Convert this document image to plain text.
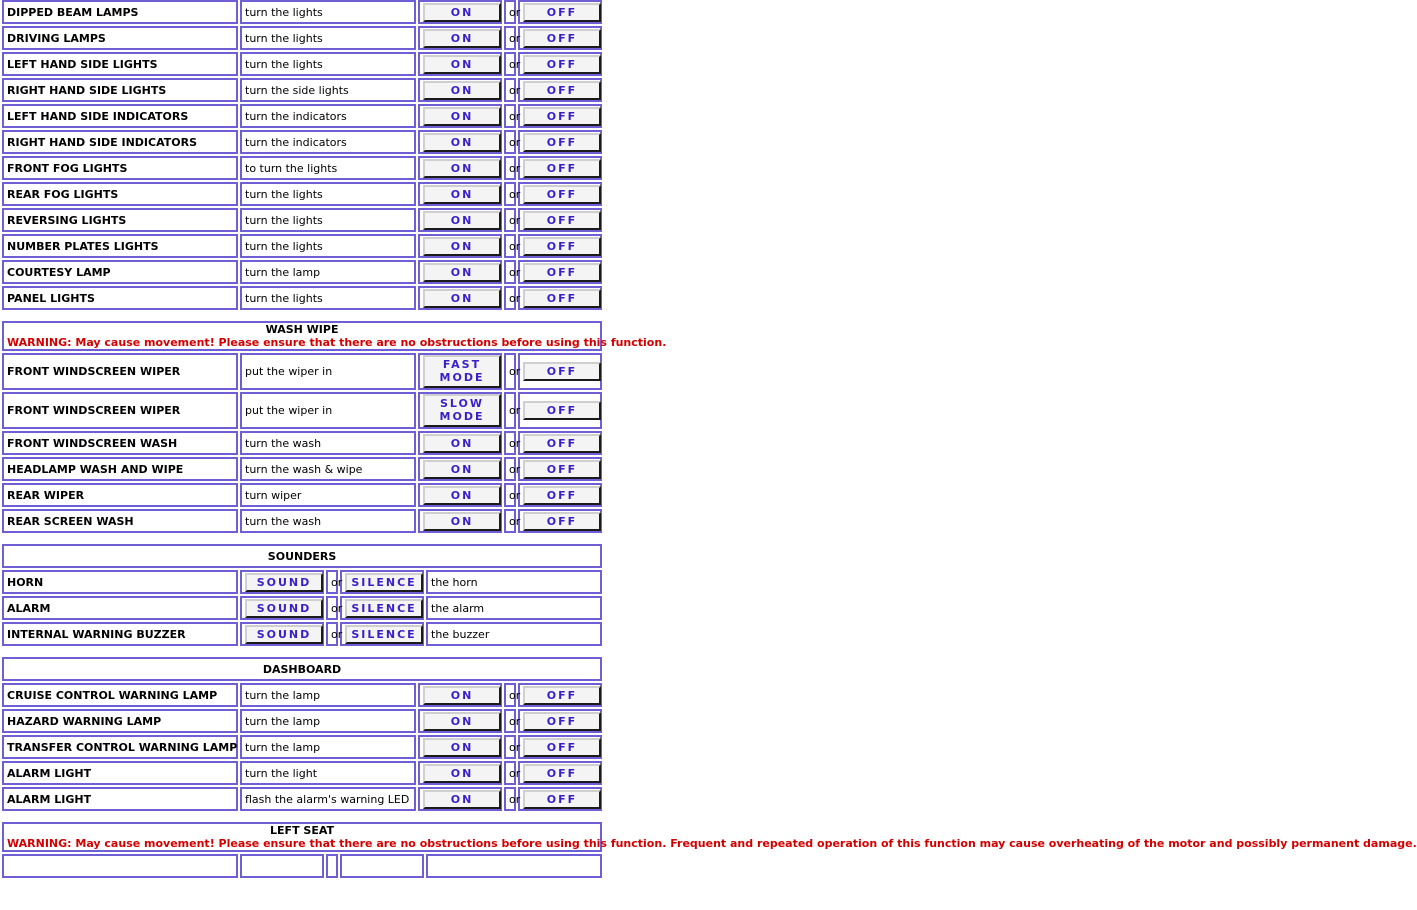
DIPPED BEAM LAMPS	turn the lights	ON	or	OFF
DRIVING LAMPS	turn the lights	ON	or	OFF
LEFT HAND SIDE LIGHTS	turn the lights	ON	or	OFF
RIGHT HAND SIDE LIGHTS	turn the side lights	ON	or	OFF
LEFT HAND SIDE INDICATORS	turn the indicators	ON	or	OFF
RIGHT HAND SIDE INDICATORS	turn the indicators	ON	or	OFF
FRONT FOG LIGHTS	to turn the lights	ON	or	OFF
REAR FOG LIGHTS	turn the lights	ON	or	OFF
REVERSING LIGHTS	turn the lights	ON	or	OFF
NUMBER PLATES LIGHTS	turn the lights	ON	or	OFF
COURTESY LAMP	turn the lamp	ON	or	OFF
PANEL LIGHTS	turn the lights	ON	or	OFF
WASH WIPE
WARNING: May cause movement! Please ensure that there are no obstructions before using this function.				

FRONT WINDSCREEN WIPER	put the wiper in	FAST MODE	or	OFF
FRONT WINDSCREEN WIPER	put the wiper in	SLOW MODE	or	OFF
FRONT WINDSCREEN WASH	turn the wash	ON	or	OFF
HEADLAMP WASH AND WIPE	turn the wash & wipe	ON	or	OFF
REAR WIPER	turn wiper	ON	or	OFF
REAR SCREEN WASH	turn the wash	ON	or	OFF
SOUNDERS				
HORN	SOUND	or	SILENCE	the horn
ALARM	SOUND	or	SILENCE	the alarm
INTERNAL WARNING BUZZER	SOUND	or	SILENCE	the buzzer
DASHBOARD				
CRUISE CONTROL WARNING LAMP	turn the lamp	ON	or	OFF
HAZARD WARNING LAMP	turn the lamp	ON	or	OFF
TRANSFER CONTROL WARNING LAMP	turn the lamp	ON	or	OFF
ALARM LIGHT	turn the light	ON	or	OFF
ALARM LIGHT	flash the alarm's warning LED	ON	or	OFF
LEFT SEAT
WARNING: May cause movement! Please ensure that there are no obstructions before using this function. Frequent and repeated operation of this function may cause overheating of the motor and possibly permanent damage.
